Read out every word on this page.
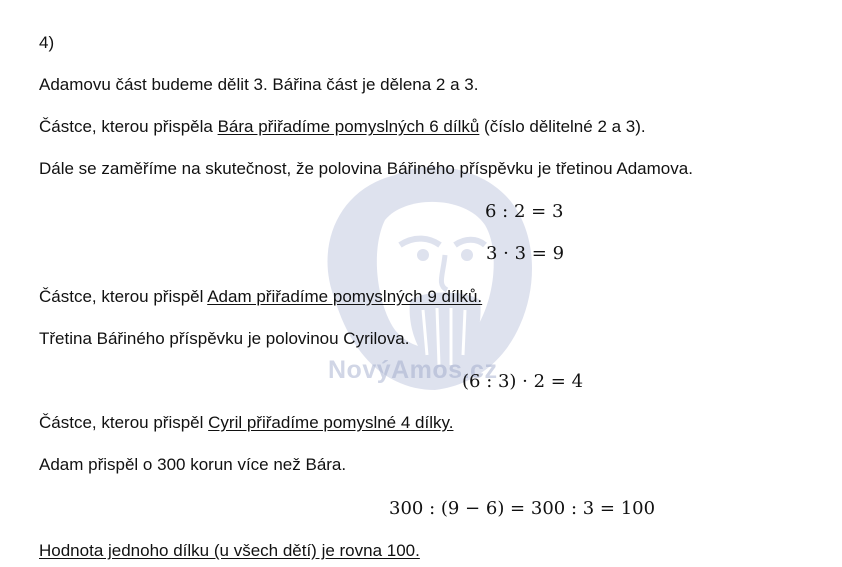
NovýAmos.cz
4)
Adamovu část budeme dělit 3. Bářina část je dělena 2 a 3.
Částce, kterou přispěla Bára přiřadíme pomyslných 6 dílků (číslo dělitelné 2 a 3).
Dále se zaměříme na skutečnost, že polovina Bářiného příspěvku je třetinou Adamova.
6 : 2 = 3
3 · 3 = 9
Částce, kterou přispěl Adam přiřadíme pomyslných 9 dílků.
Třetina Bářiného příspěvku je polovinou Cyrilova.
(6 : 3) · 2 = 4
Částce, kterou přispěl Cyril přiřadíme pomyslné 4 dílky.
Adam přispěl o 300 korun více než Bára.
300 : (9 − 6) = 300 : 3 = 100
Hodnota jednoho dílku (u všech dětí) je rovna 100.
